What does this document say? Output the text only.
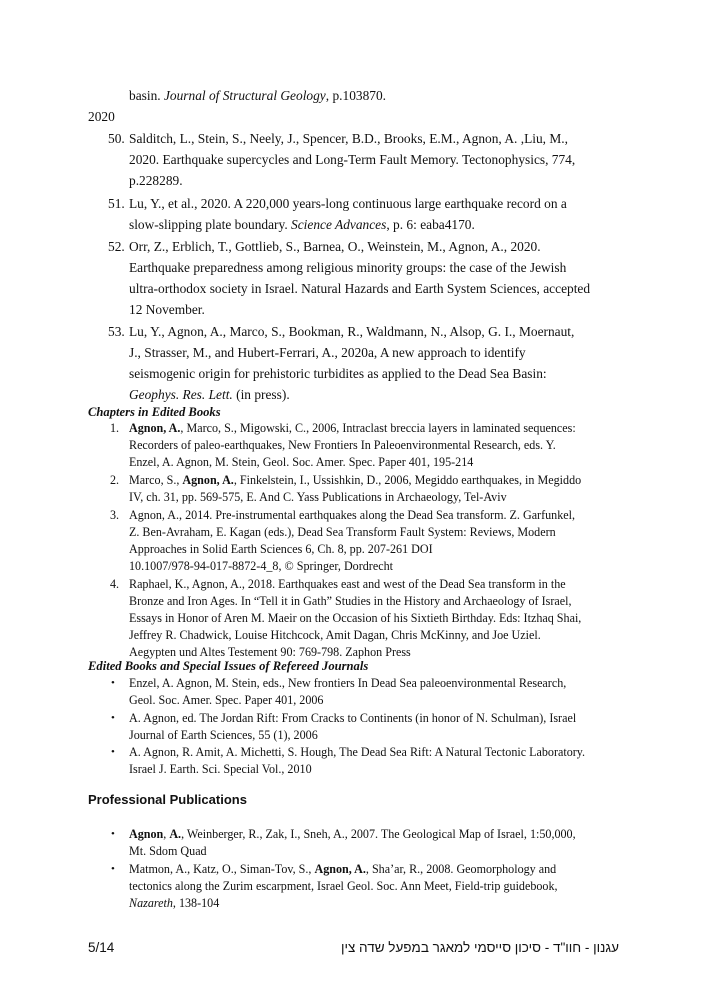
basin. Journal of Structural Geology, p.103870.
2020
50. Salditch, L., Stein, S., Neely, J., Spencer, B.D., Brooks, E.M., Agnon, A. ,Liu, M.,
2020. Earthquake supercycles and Long-Term Fault Memory. Tectonophysics, 774,
p.228289.
51. Lu, Y., et al., 2020. A 220,000 years-long continuous large earthquake record on a
slow-slipping plate boundary. Science Advances, p. 6: eaba4170.
52. Orr, Z., Erblich, T., Gottlieb, S., Barnea, O., Weinstein, M., Agnon, A., 2020.
Earthquake preparedness among religious minority groups: the case of the Jewish
ultra-orthodox society in Israel. Natural Hazards and Earth System Sciences, accepted
12 November.
53. Lu, Y., Agnon, A., Marco, S., Bookman, R., Waldmann, N., Alsop, G. I., Moernaut,
J., Strasser, M., and Hubert-Ferrari, A., 2020a, A new approach to identify
seismogenic origin for prehistoric turbidites as applied to the Dead Sea Basin:
Geophys. Res. Lett. (in press).
Chapters in Edited Books
1. Agnon, A., Marco, S., Migowski, C., 2006, Intraclast breccia layers in laminated sequences:
Recorders of paleo-earthquakes, New Frontiers In Paleoenvironmental Research, eds. Y.
Enzel, A. Agnon, M. Stein, Geol. Soc. Amer. Spec. Paper 401, 195-214
2. Marco, S., Agnon, A., Finkelstein, I., Ussishkin, D., 2006, Megiddo earthquakes, in Megiddo
IV, ch. 31, pp. 569-575, E. And C. Yass Publications in Archaeology, Tel-Aviv
3. Agnon, A., 2014. Pre-instrumental earthquakes along the Dead Sea transform. Z. Garfunkel,
Z. Ben-Avraham, E. Kagan (eds.), Dead Sea Transform Fault System: Reviews, Modern
Approaches in Solid Earth Sciences 6, Ch. 8, pp. 207-261 DOI
10.1007/978-94-017-8872-4_8, © Springer, Dordrecht
4. Raphael, K., Agnon, A., 2018. Earthquakes east and west of the Dead Sea transform in the
Bronze and Iron Ages. In “Tell it in Gath” Studies in the History and Archaeology of Israel,
Essays in Honor of Aren M. Maeir on the Occasion of his Sixtieth Birthday. Eds: Itzhaq Shai,
Jeffrey R. Chadwick, Louise Hitchcock, Amit Dagan, Chris McKinny, and Joe Uziel.
Aegypten und Altes Testement 90: 769-798. Zaphon Press
Edited Books and Special Issues of Refereed Journals
• Enzel, A. Agnon, M. Stein, eds., New frontiers In Dead Sea paleoenvironmental Research,
Geol. Soc. Amer. Spec. Paper 401, 2006
• A. Agnon, ed. The Jordan Rift: From Cracks to Continents (in honor of N. Schulman), Israel
Journal of Earth Sciences, 55 (1), 2006
• A. Agnon, R. Amit, A. Michetti, S. Hough, The Dead Sea Rift: A Natural Tectonic Laboratory.
Israel J. Earth. Sci. Special Vol., 2010
Professional Publications
• Agnon, A., Weinberger, R., Zak, I., Sneh, A., 2007. The Geological Map of Israel, 1:50,000,
Mt. Sdom Quad
• Matmon, A., Katz, O., Siman-Tov, S., Agnon, A., Sha’ar, R., 2008. Geomorphology and
tectonics along the Zurim escarpment, Israel Geol. Soc. Ann Meet, Field-trip guidebook,
Nazareth, 138-104
5/14	עגנון - חוו"ד - סיכון סייסמי למאגר במפעל שדה צין
